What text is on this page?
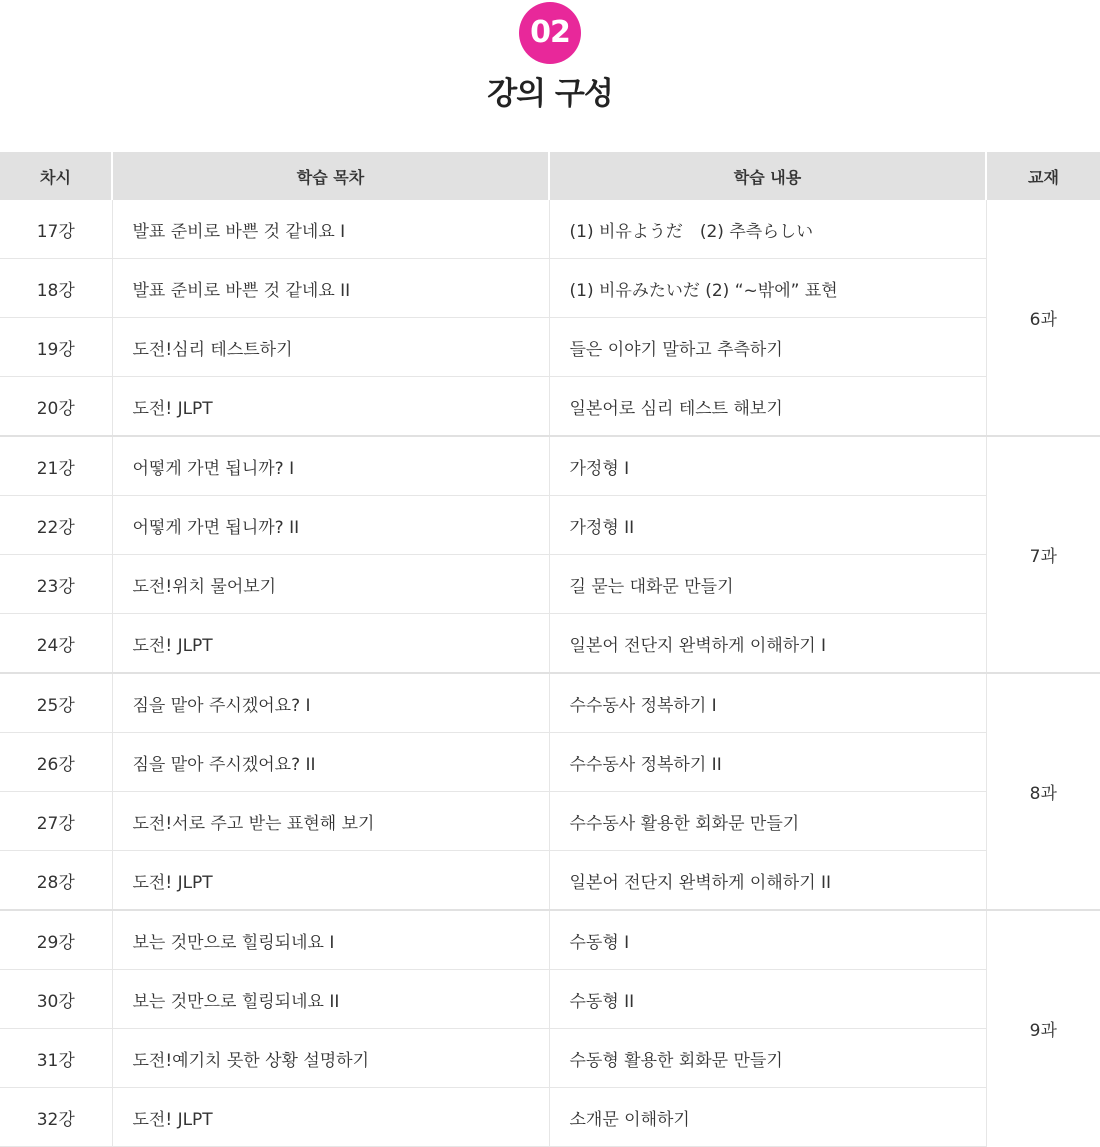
02
강의 구성
차시	학습 목차	학습 내용	교재
17강	발표 준비로 바쁜 것 같네요 I	(1) 비유ようだ　(2) 추측らしい	6과
18강	발표 준비로 바쁜 것 같네요 II	(1) 비유みたいだ (2) “~밖에” 표현	
19강	도전!심리 테스트하기	들은 이야기 말하고 추측하기	
20강	도전! JLPT	일본어로 심리 테스트 해보기	
21강	어떻게 가면 됩니까? I	가정형 I	7과
22강	어떻게 가면 됩니까? II	가정형 II	
23강	도전!위치 물어보기	길 묻는 대화문 만들기	
24강	도전! JLPT	일본어 전단지 완벽하게 이해하기 I	
25강	짐을 맡아 주시겠어요? I	수수동사 정복하기 I	8과
26강	짐을 맡아 주시겠어요? II	수수동사 정복하기 II	
27강	도전!서로 주고 받는 표현해 보기	수수동사 활용한 회화문 만들기	
28강	도전! JLPT	일본어 전단지 완벽하게 이해하기 II	
29강	보는 것만으로 힐링되네요 I	수동형 I	9과
30강	보는 것만으로 힐링되네요 II	수동형 II	
31강	도전!예기치 못한 상황 설명하기	수동형 활용한 회화문 만들기	
32강	도전! JLPT	소개문 이해하기	
